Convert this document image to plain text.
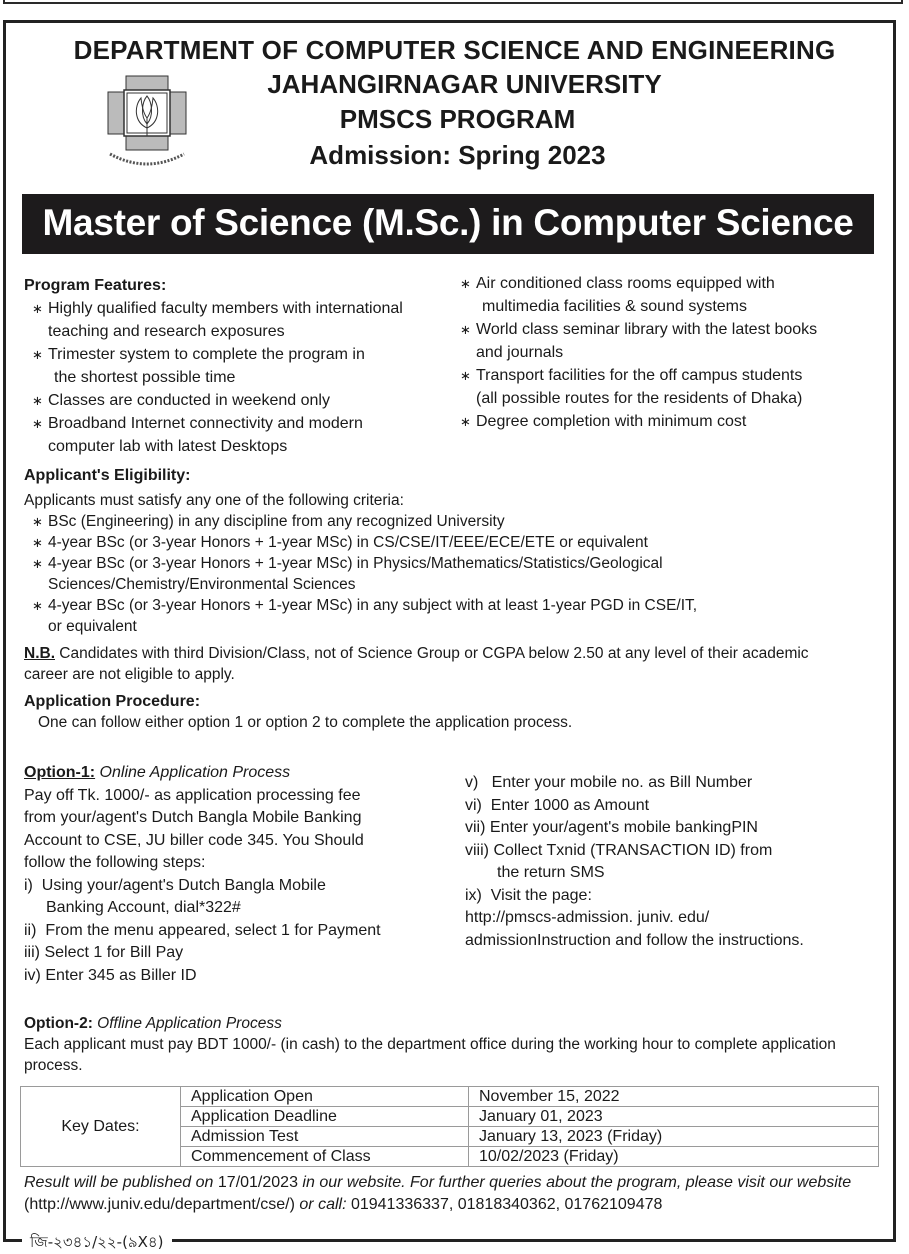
DEPARTMENT OF COMPUTER SCIENCE AND ENGINEERING
JAHANGIRNAGAR UNIVERSITY
PMSCS PROGRAM
Admission: Spring 2023
Master of Science (M.Sc.) in Computer Science
Program Features:
∗ Highly qualified faculty members with international
teaching and research exposures
∗ Trimester system to complete the program in
the shortest possible time
∗ Classes are conducted in weekend only
∗ Broadband Internet connectivity and modern
computer lab with latest Desktops
∗ Air conditioned class rooms equipped with
multimedia facilities & sound systems
∗ World class seminar library with the latest books
and journals
∗ Transport facilities for the off campus students
(all possible routes for the residents of Dhaka)
∗ Degree completion with minimum cost
Applicant's Eligibility:
Applicants must satisfy any one of the following criteria:
∗ BSc (Engineering) in any discipline from any recognized University
∗ 4-year BSc (or 3-year Honors + 1-year MSc) in CS/CSE/IT/EEE/ECE/ETE or equivalent
∗ 4-year BSc (or 3-year Honors + 1-year MSc) in Physics/Mathematics/Statistics/Geological
Sciences/Chemistry/Environmental Sciences
∗ 4-year BSc (or 3-year Honors + 1-year MSc) in any subject with at least 1-year PGD in CSE/IT,
or equivalent
N.B. Candidates with third Division/Class, not of Science Group or CGPA below 2.50 at any level of their academic career are not eligible to apply.
Application Procedure:
One can follow either option 1 or option 2 to complete the application process.
Option-1: Online Application Process
Pay off Tk. 1000/- as application processing fee
from your/agent's Dutch Bangla Mobile Banking
Account to CSE, JU biller code 345. You Should
follow the following steps:
i) Using your/agent's Dutch Bangla Mobile
Banking Account, dial*322#
ii) From the menu appeared, select 1 for Payment
iii) Select 1 for Bill Pay
iv) Enter 345 as Biller ID
v) Enter your mobile no. as Bill Number
vi) Enter 1000 as Amount
vii) Enter your/agent's mobile bankingPIN
viii) Collect Txnid (TRANSACTION ID) from
the return SMS
ix) Visit the page:
http://pmscs-admission. juniv. edu/
admissionInstruction and follow the instructions.
Option-2: Offline Application Process
Each applicant must pay BDT 1000/- (in cash) to the department office during the working hour to complete application process.
Key Dates:	Application Open	November 15, 2022
	Application Deadline	January 01, 2023
	Admission Test	January 13, 2023 (Friday)
	Commencement of Class	10/02/2023 (Friday)
Result will be published on 17/01/2023 in our website. For further queries about the program, please visit our website (http://www.juniv.edu/department/cse/) or call: 01941336337, 01818340362, 01762109478
জি-২৩৪১/২২-(৯X৪)
